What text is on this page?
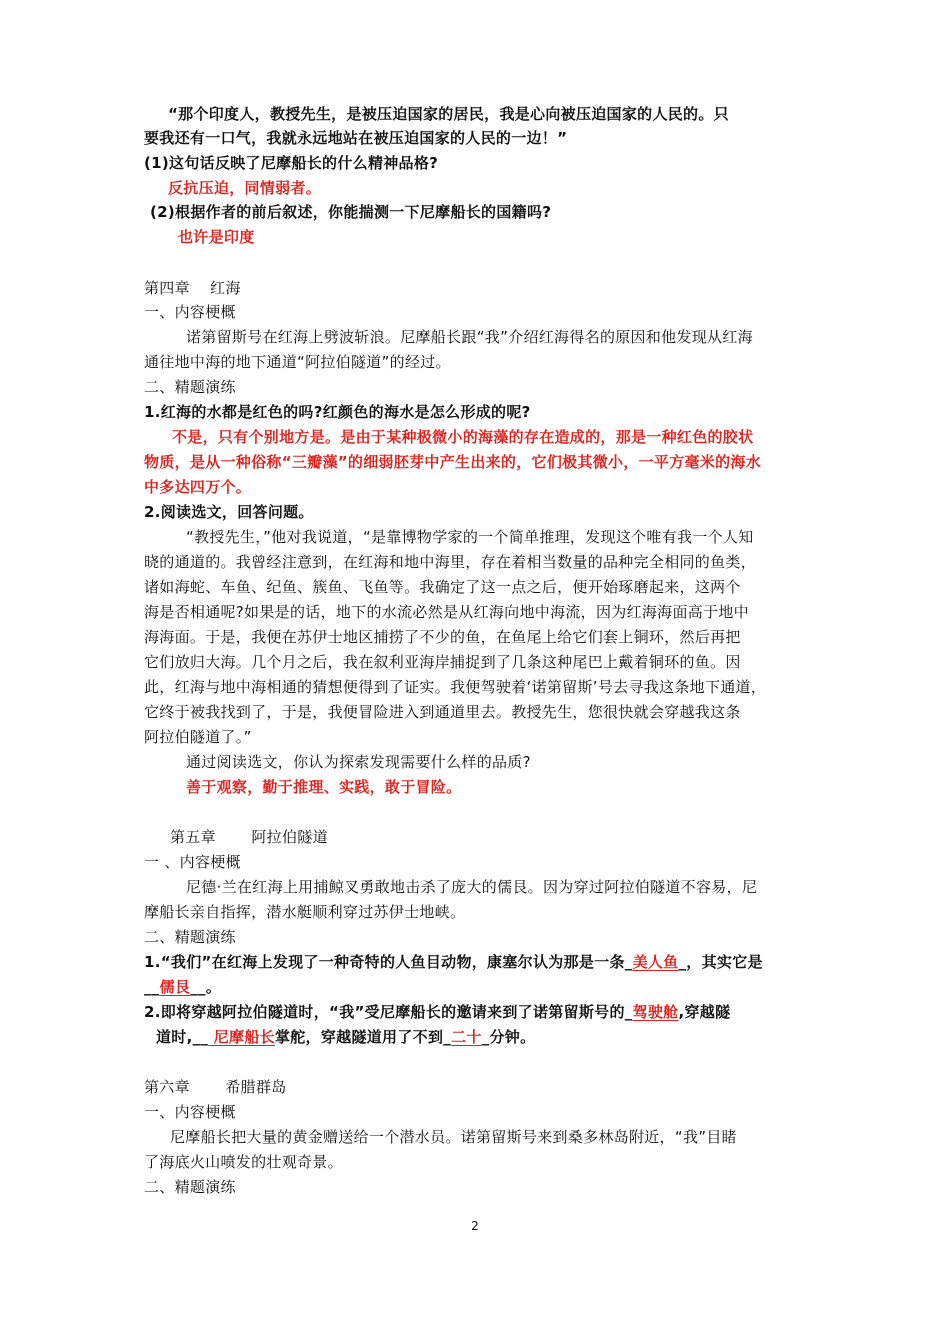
“那个印度人，教授先生，是被压迫国家的居民，我是心向被压迫国家的人民的。只
要我还有一口气，我就永远地站在被压迫国家的人民的一边！”
(1)这句话反映了尼摩船长的什么精神品格?
反抗压迫，同情弱者。
(2)根据作者的前后叙述，你能揣测一下尼摩船长的国籍吗?
也许是印度
第四章    红海
一、内容梗概
诺第留斯号在红海上劈波斩浪。尼摩船长跟“我”介绍红海得名的原因和他发现从红海
通往地中海的地下通道“阿拉伯隧道”的经过。
二、精题演练
1.红海的水都是红色的吗?红颜色的海水是怎么形成的呢?
不是，只有个别地方是。是由于某种极微小的海藻的存在造成的，那是一种红色的胶状
物质，是从一种俗称“三瓣藻”的细弱胚芽中产生出来的，它们极其微小，一平方毫米的海水
中多达四万个。
2.阅读选文，回答问题。
“教授先生，”他对我说道，“是靠博物学家的一个简单推理，发现这个唯有我一个人知
晓的通道的。我曾经注意到，在红海和地中海里，存在着相当数量的品种完全相同的鱼类，
诸如海蛇、车鱼、纪鱼、簇鱼、飞鱼等。我确定了这一点之后，便开始琢磨起来，这两个
海是否相通呢?如果是的话，地下的水流必然是从红海向地中海流，因为红海海面高于地中
海海面。于是，我便在苏伊士地区捕捞了不少的鱼，在鱼尾上给它们套上铜环，然后再把
它们放归大海。几个月之后，我在叙利亚海岸捕捉到了几条这种尾巴上戴着铜环的鱼。因
此，红海与地中海相通的猜想便得到了证实。我便驾驶着‘诺第留斯’号去寻我这条地下通道，
它终于被我找到了，于是，我便冒险进入到通道里去。教授先生，您很快就会穿越我这条
阿拉伯隧道了。”
通过阅读选文，你认为探索发现需要什么样的品质?
善于观察，勤于推理、实践，敢于冒险。
第五章       阿拉伯隧道
一 、内容梗概
尼德·兰在红海上用捕鲸叉勇敢地击杀了庞大的儒艮。因为穿过阿拉伯隧道不容易，尼
摩船长亲自指挥，潜水艇顺利穿过苏伊士地峡。
二、精题演练
1.“我们”在红海上发现了一种奇特的人鱼目动物，康塞尔认为那是一条_美人鱼_，其实它是
__儒艮__。
2.即将穿越阿拉伯隧道时，“我”受尼摩船长的邀请来到了诺第留斯号的_驾驶舱,穿越隧
道时,__ 尼摩船长掌舵，穿越隧道用了不到_二十_分钟。
第六章       希腊群岛
一、内容梗概
尼摩船长把大量的黄金赠送给一个潜水员。诺第留斯号来到桑多林岛附近，“我”目睹
了海底火山喷发的壮观奇景。
二、精题演练
2
